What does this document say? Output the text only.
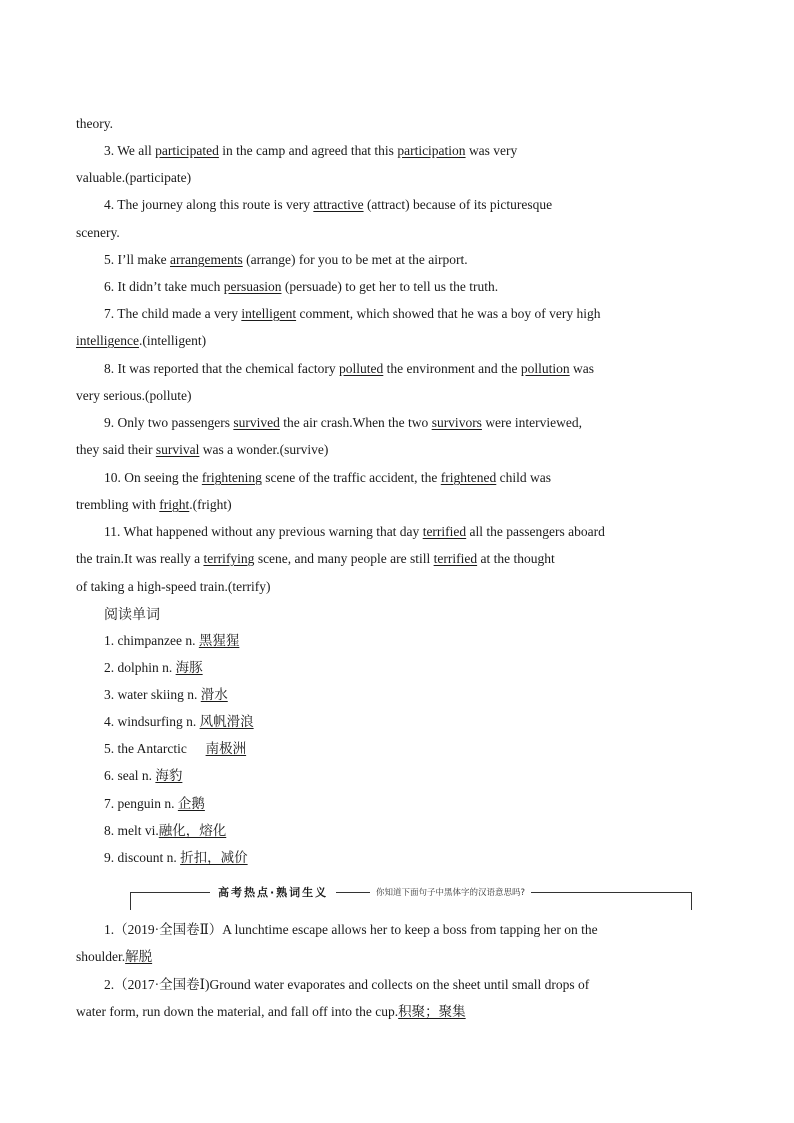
theory.
3. We all participated in the camp and agreed that this participation was very
valuable.(participate)
4. The journey along this route is very attractive (attract) because of its picturesque
scenery.
5. I’ll make arrangements (arrange) for you to be met at the airport.
6. It didn’t take much persuasion (persuade) to get her to tell us the truth.
7. The child made a very intelligent comment, which showed that he was a boy of very high
intelligence.(intelligent)
8. It was reported that the chemical factory polluted the environment and the pollution was
very serious.(pollute)
9. Only two passengers survived the air crash.When the two survivors were interviewed,
they said their survival was a wonder.(survive)
10. On seeing the frightening scene of the traffic accident, the frightened child was
trembling with fright.(fright)
11. What happened without any previous warning that day terrified all the passengers aboard
the train.It was really a terrifying scene, and many people are still terrified at the thought
of taking a high-speed train.(terrify)
阅读单词
1. chimpanzee n. 黑猩猩
2. dolphin n. 海豚
3. water skiing n. 滑水
4. windsurfing n. 风帆滑浪
5. the Antarctic  南极洲
6. seal n. 海豹
7. penguin n. 企鹅
8. melt vi.融化，熔化
9. discount n. 折扣，减价
高考热点·熟词生义	你知道下面句子中黑体字的汉语意思吗?
1.（2019·全国卷Ⅱ）A lunchtime escape allows her to keep a boss from tapping her on the
shoulder.解脱
2.（2017·全国卷Ⅰ)Ground water evaporates and collects on the sheet until small drops of
water form, run down the material, and fall off into the cup.积聚；聚集
